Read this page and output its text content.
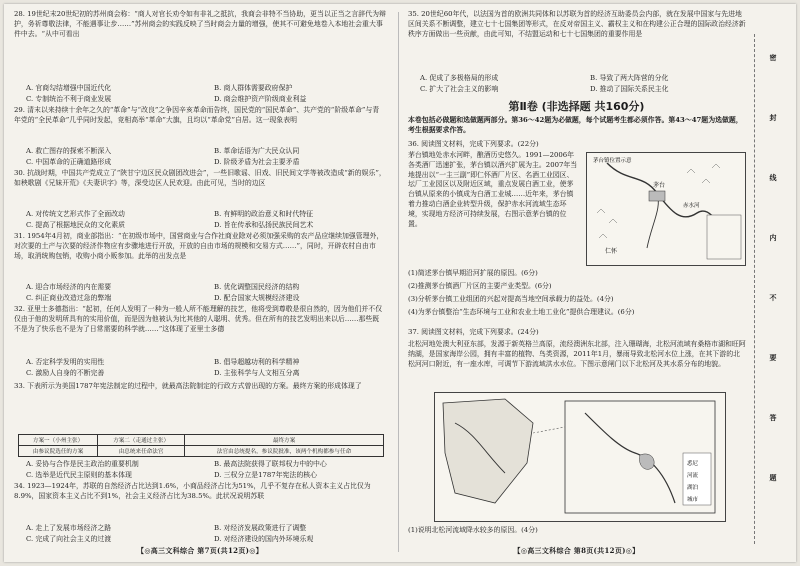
28. 19世纪末20世纪初的苏州商会称：“商人对官长劝令如有非礼之抵抗，我商会非特不当协助，更当以正当之言辞代为辩护，务祈尊敬法律，不能遇事让步……”苏州商会的实践反映了当时商会力量的增强，使其不可避免地卷入本地社会重大事件中去。“从中可看出

A. 官商勾结增强中国近代化	B. 商人群体需要政府保护
C. 专制统治不利于商业发展	D. 商会维护资产阶级商业利益

29. 清末以来持续十余年之久的“革命”与“改良”之争因辛亥革命而告终，国民党的“国民革命”、共产党的“阶级革命”与青年党的“全民革命”几乎同时发起，竞相高举“革命”大旗，且均以“革命党”自居。这一现象表明

A. 救亡图存的探索不断深入	B. 革命话语为广大民众认同
C. 中国革命的正确道路形成	D. 阶级矛盾为社会主要矛盾

30. 抗战时期，中国共产党成立了“陕甘宁边区民众剧团改进会”，一些旧歌谣、旧戏、旧民间文学等被改造成“新的娱乐”，如秧歌剧《兄妹开荒》《夫妻识字》等，深受边区人民欢迎。由此可见，当时的边区

A. 对传统文艺形式作了全面改动	B. 有鲜明的政治意义和时代特征
C. 提高了根据地民众的文化素质	D. 旨在传承和弘扬民族民间艺术

31. 1954年4月初，商业部指出：“在初级市场中，国营商业与合作社商业除对必须加强采购的农产品应继续加强管理外，对次要的土产与次要的经济作物应有步骤地进行开放，开放的自由市场的规模和交易方式……”，同时，开辟农村自由市场，取消统购包销，收购小商小贩参加。此举的出发点是

A. 迎合市场经济的内在需要	B. 优化调整国民经济的结构
C. 纠正商业改造过急的弊端	D. 配合国家大规模经济建设

32. 亚里士多德指出：“起初，任何人发明了一种为一般人所不能理解的技艺，他将受到尊敬是很自然的，因为他们并不仅仅由于他的发明所具有的实用价值，而是因为他被认为比其他的人聪明、优秀。但在所有的技艺发明出来以后……那些既不是为了快乐也不是为了日常需要的科学就……”这体现了亚里士多德

A. 否定科学发明的实用性	B. 倡导超越功利的科学精神
C. 激励人自身的不断完善	D. 主张科学与人文相互分离

33. 下表所示为美国1787年宪法制定的过程中，就最高法院制定的行政方式曾出现的方案。最终方案的形成体现了

方案一（小州主张）	方案二（走通过主张）	最终方案
由参议院选任的方案	由总统来任命法官	法官由总统提名，参议院批准，该两个机构都参与任命
A. 妥协与合作是民主政治的重要机制	B. 最高法院获得了联邦权力中的中心
C. 选举是近代民主原则的基本体现	D. 三权分立是1787年宪法的核心

34. 1923—1924年，苏联的自然经济占比达到1.6%，小商品经济占比为51%，几乎不复存在私人资本主义占比仅为8.9%，国家资本主义占比不到1%，社会主义经济占比为38.5%。此状况说明苏联

A. 走上了发展市场经济之路	B. 对经济发展政策进行了调整
C. 完成了向社会主义的过渡	D. 对经济建设的国内外环境乐观
【◎高三文科综合 第7页(共12页)◎】

35. 20世纪60年代，以法国为首的欧洲共同体和以苏联为首的经济互助委员会内部，就在发展中国家与先进地区间关系不断调整，建立七十七国集团等形式，在反对帝国主义、霸权主义和在构建公正合理的国际政治经济新秩序方面做出一些贡献，由此可知，不结盟运动和七十七国集团的重要作用是

A. 促成了多极格局的形成	B. 导致了两大阵营的分化
C. 扩大了社会主义的影响	D. 推动了国际关系民主化
第Ⅱ卷 (非选择题 共160分)

本卷包括必做题和选做题两部分。第36～42题为必做题，每个试题考生都必须作答。第43～47题为选做题，考生根据要求作答。

36. 阅读图文材料，完成下列要求。(22分)

茅台镇地处赤水河畔，酿酒历史悠久。1991—2006年各类酒厂迅速扩张，茅台镇以酒兴扩展为主。2007年当地提出以“一主三副”即仁怀酒厂片区、名酒工业园区、坛厂工业园区以及附近区域，重点发展白酒工业，使茅台镇从原来的小镇成为白酒工业城……近年来，茅台镇着力推动白酒企业转型升级，保护赤水河流域生态环境，实现地方经济可持续发展，右图示意茅台镇的位置。

茅台
仁怀
赤水河
茅台镇位置示意

(1)简述茅台镇早期沿河扩展的原因。(6分)

(2)推测茅台镇酒厂片区的主要产业类型。(6分)

(3)分析茅台镇工业组团的兴起对提高当地空间承载力的益处。(4分)

(4)为茅台镇整治“生态环境与工业和农业土地工业化”提供合理建议。(6分)

37. 阅读图文材料，完成下列要求。(24分)

北松河地处澳大利亚东部，发源于新英格兰高原，流经澳洲东北部，注入珊瑚海，北松河流域有桑格市湖和旺阿纳湖，是国家海岸公园，拥有丰富的植物、鸟类资源，2011年1月，暴雨导致北松河水位上涨，在其下游的北松河河口附近，有一座水库，可调节下游流域洪水水位。下图示意闸门以下北松河及其水系分布的地貌。

悉尼
河流
湖泊
城市

(1)说明北松河流域降水较多的原因。(4分)

【◎高三文科综合 第8页(共12页)◎】
密
封
线
内
不
要
答
题
